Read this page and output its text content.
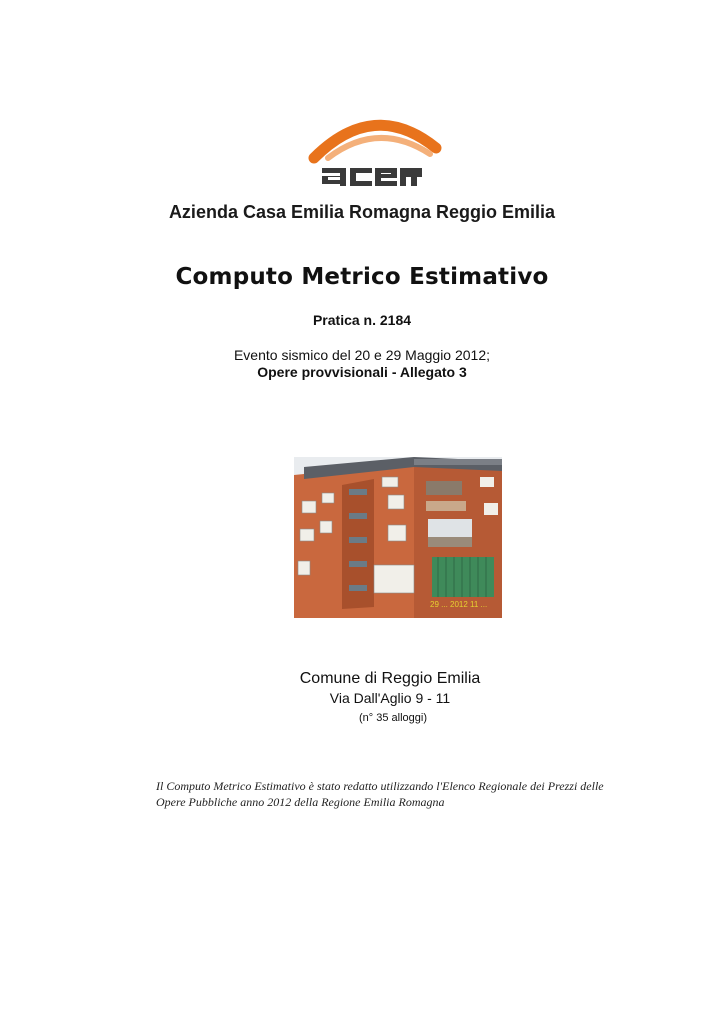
Azienda Casa Emilia Romagna Reggio Emilia
Computo Metrico Estimativo
Pratica n. 2184
Evento sismico del 20 e 29 Maggio 2012;
Opere provvisionali - Allegato 3
29 ... 2012 11 ...
Comune di Reggio Emilia
Via Dall'Aglio 9 - 11
(n° 35 alloggi)
Il Computo Metrico Estimativo è stato redatto utilizzando l'Elenco Regionale dei Prezzi delle Opere Pubbliche anno 2012 della Regione Emilia Romagna
